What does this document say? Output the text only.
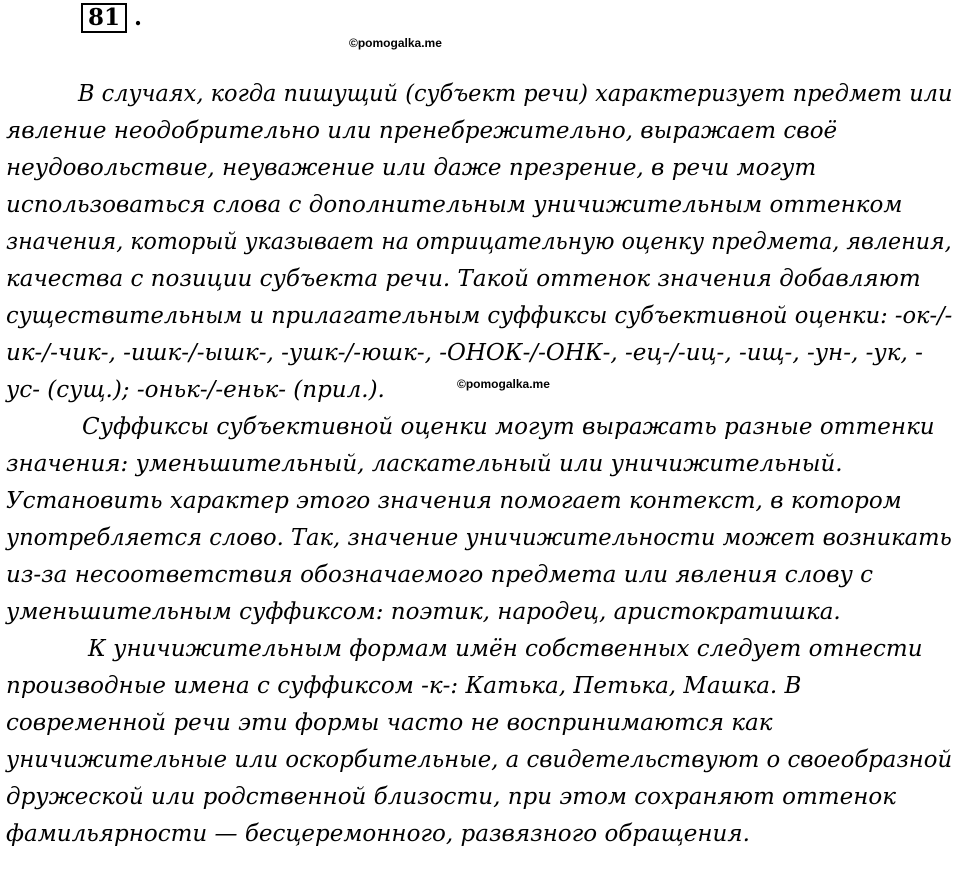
81 .
©pomogalka.me
©pomogalka.me
В случаях, когда пишущий (субъект речи) характеризует предмет или
явление неодобрительно или пренебрежительно, выражает своё
неудовольствие, неуважение или даже презрение, в речи могут
использоваться слова с дополнительным уничижительным оттенком
значения, который указывает на отрицательную оценку предмета, явления,
качества с позиции субъекта речи. Такой оттенок значения добавляют
существительным и прилагательным суффиксы субъективной оценки: -ок-/-
ик-/-чик-, -ишк-/-ышк-, -ушк-/-юшк-, -ОНОК-/-ОНК-, -ец-/-иц-, -ищ-, -ун-, -ук, -
ус- (сущ.); -оньк-/-еньк- (прил.).
Суффиксы субъективной оценки могут выражать разные оттенки
значения: уменьшительный, ласкательный или уничижительный.
Установить характер этого значения помогает контекст, в котором
употребляется слово. Так, значение уничижительности может возникать
из-за несоответствия обозначаемого предмета или явления слову с
уменьшительным суффиксом: поэтик, народец, аристократишка.
К уничижительным формам имён собственных следует отнести
производные имена с суффиксом -к-: Катька, Петька, Машка. В
современной речи эти формы часто не воспринимаются как
уничижительные или оскорбительные, а свидетельствуют о своеобразной
дружеской или родственной близости, при этом сохраняют оттенок
фамильярности — бесцеремонного, развязного обращения.
